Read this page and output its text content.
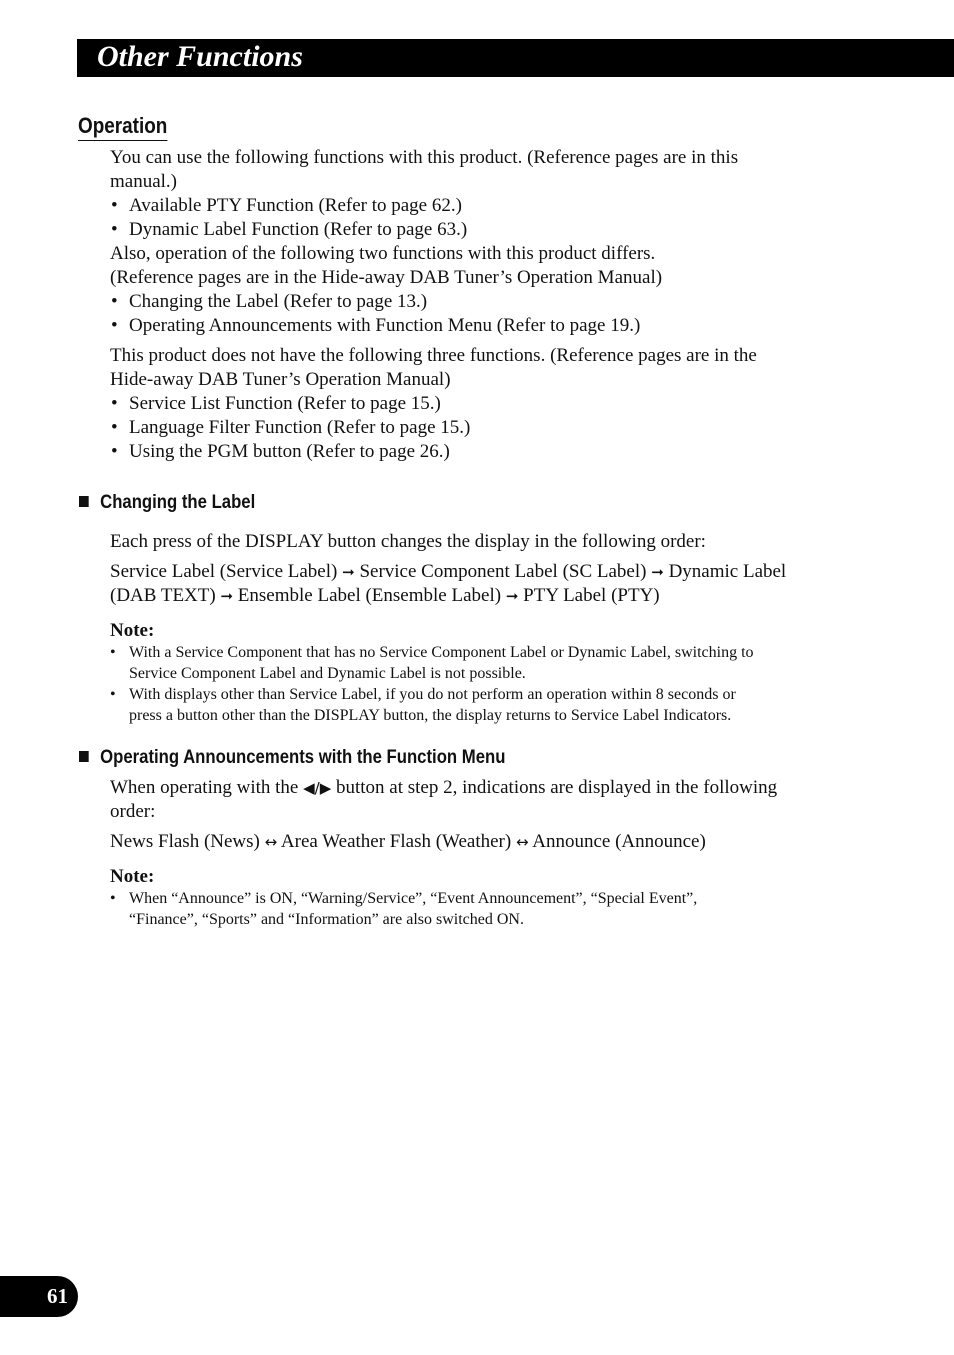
Other Functions
Operation
You can use the following functions with this product. (Reference pages are in this
manual.)
• Available PTY Function (Refer to page 62.)
• Dynamic Label Function (Refer to page 63.)
Also, operation of the following two functions with this product differs.
(Reference pages are in the Hide-away DAB Tuner’s Operation Manual)
• Changing the Label (Refer to page 13.)
• Operating Announcements with Function Menu (Refer to page 19.)
This product does not have the following three functions. (Reference pages are in the
Hide-away DAB Tuner’s Operation Manual)
• Service List Function (Refer to page 15.)
• Language Filter Function (Refer to page 15.)
• Using the PGM button (Refer to page 26.)
Changing the Label
Each press of the DISPLAY button changes the display in the following order:
Service Label (Service Label) ➞ Service Component Label (SC Label) ➞ Dynamic Label
(DAB TEXT) ➞ Ensemble Label (Ensemble Label) ➞ PTY Label (PTY)
Note:
• With a Service Component that has no Service Component Label or Dynamic Label, switching to
Service Component Label and Dynamic Label is not possible.
• With displays other than Service Label, if you do not perform an operation within 8 seconds or
press a button other than the DISPLAY button, the display returns to Service Label Indicators.
Operating Announcements with the Function Menu
When operating with the ◀/▶ button at step 2, indications are displayed in the following
order:
News Flash (News) ↔ Area Weather Flash (Weather) ↔ Announce (Announce)
Note:
• When “Announce” is ON, “Warning/Service”, “Event Announcement”, “Special Event”,
“Finance”, “Sports” and “Information” are also switched ON.
61
